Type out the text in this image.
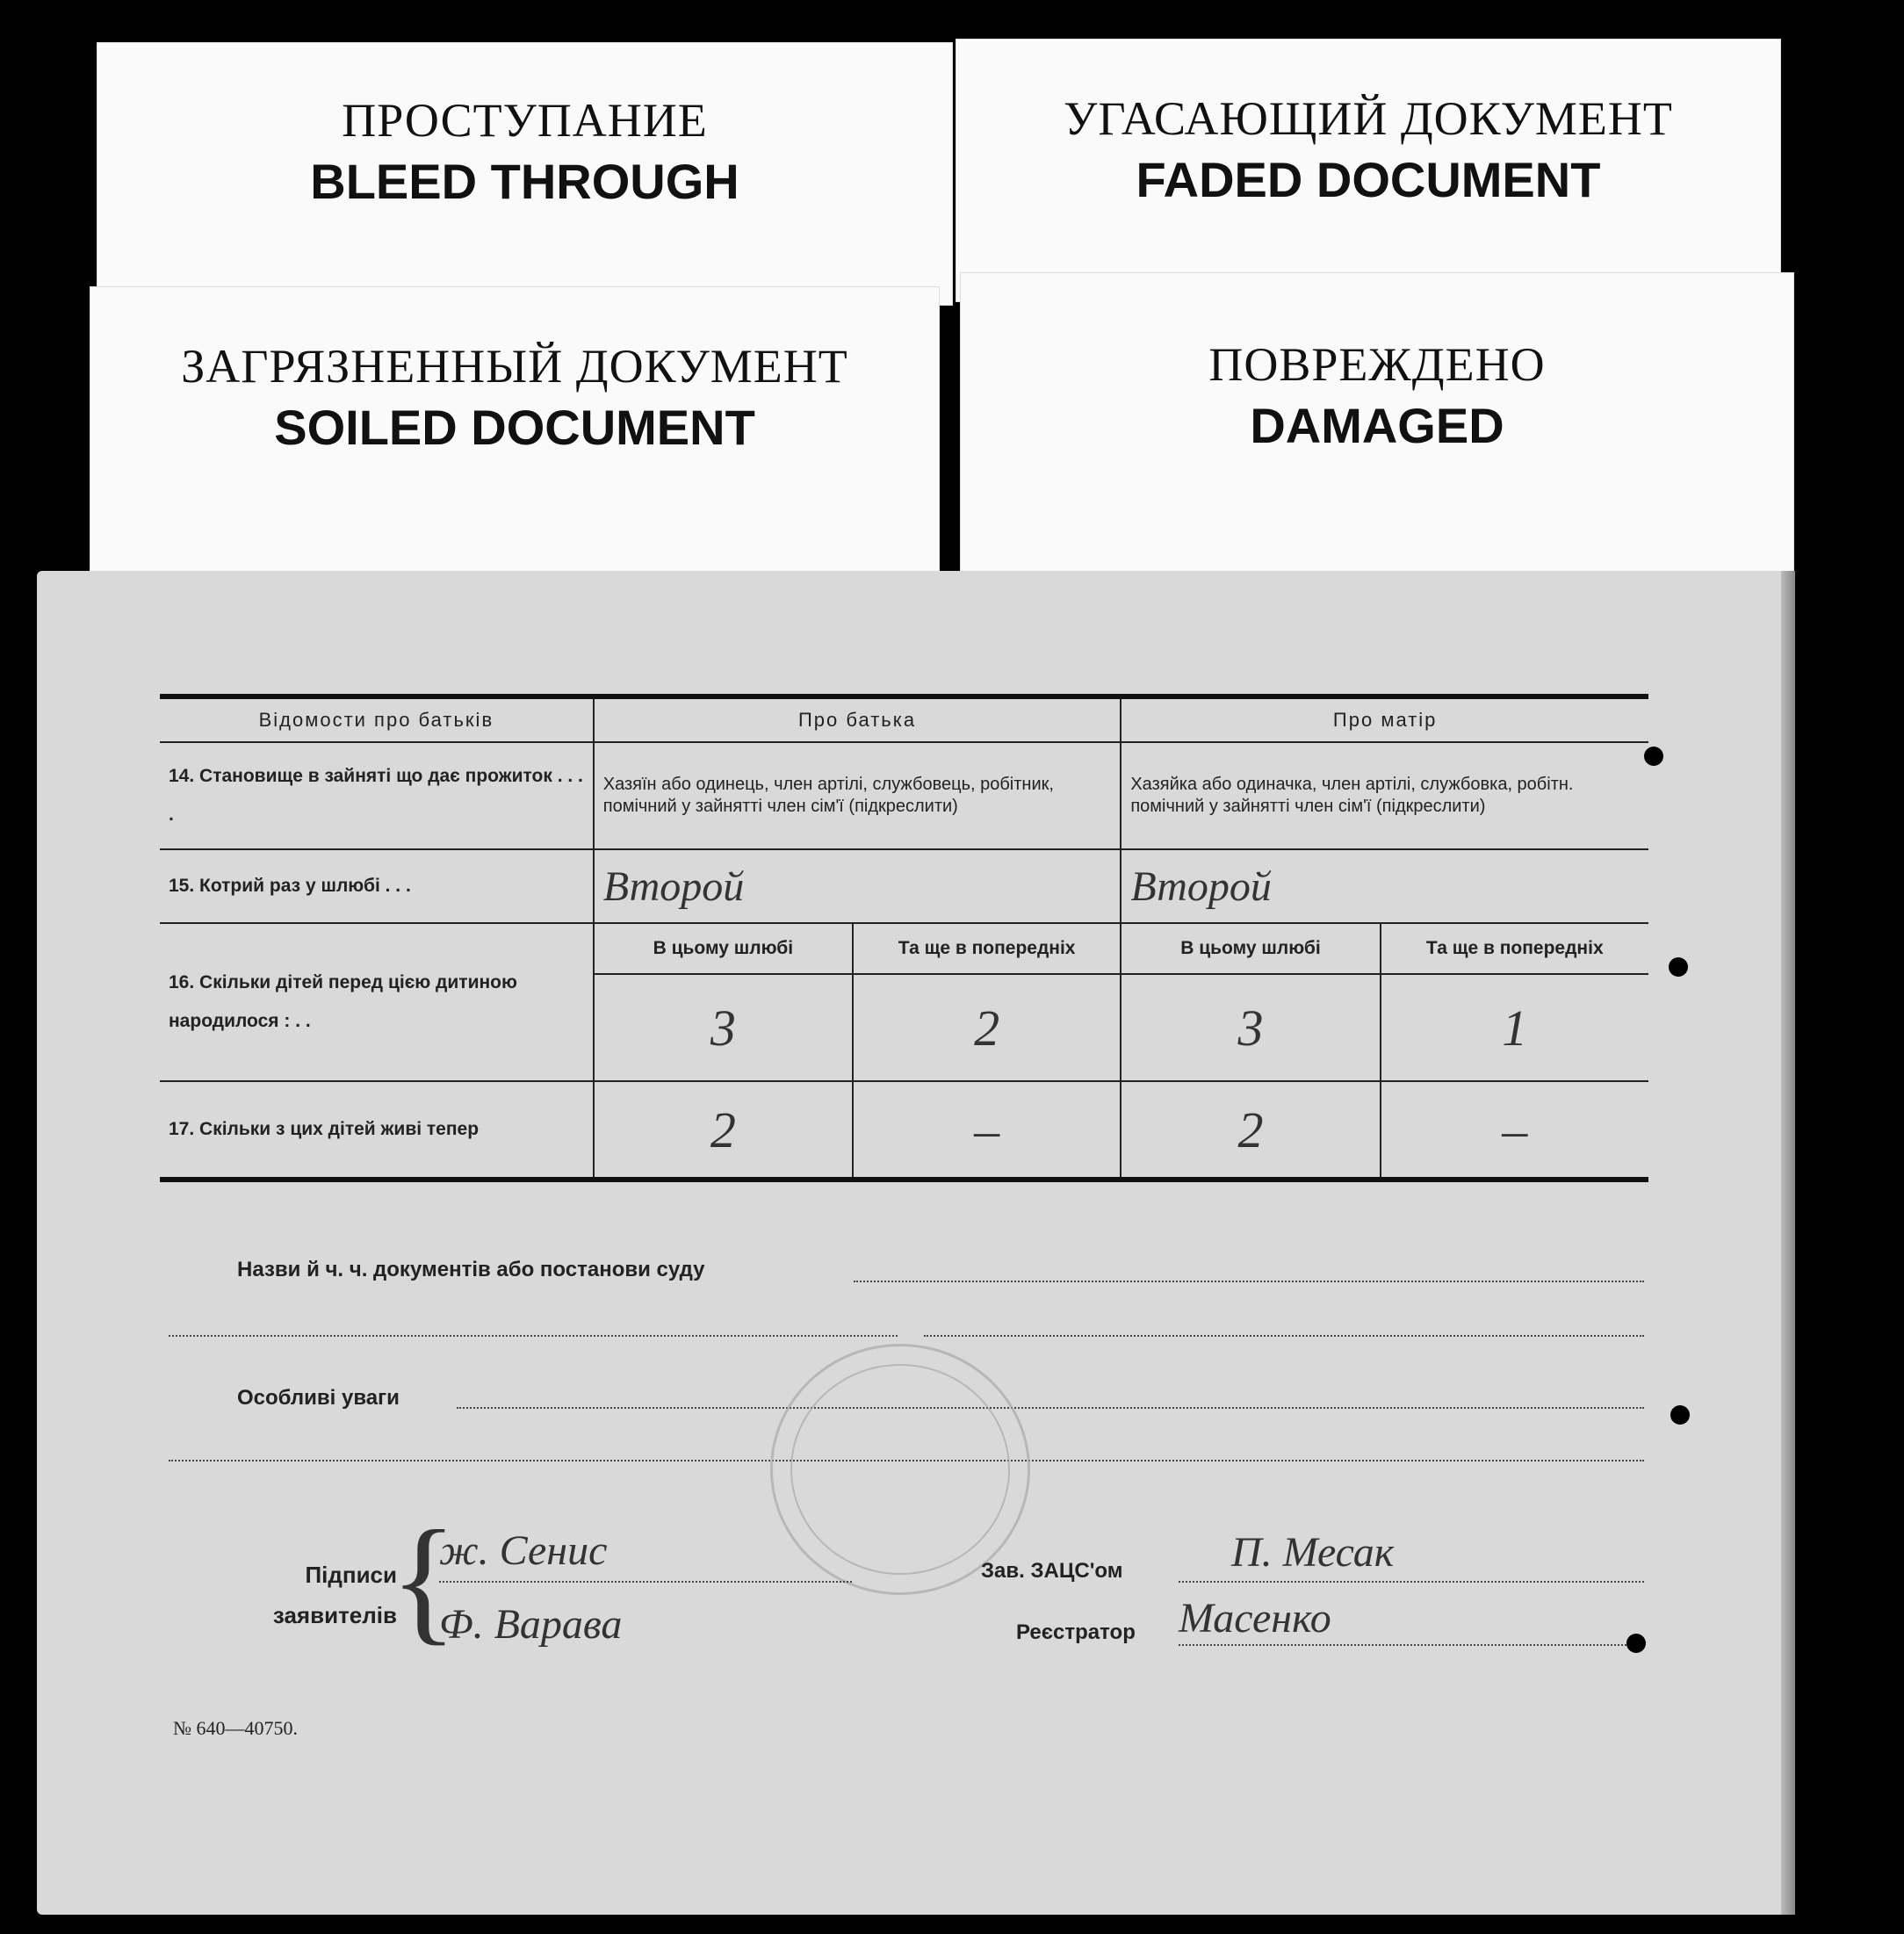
ПРОСТУПАНИЕ
BLEED THROUGH
УГАСАЮЩИЙ ДОКУМЕНТ
FADED DOCUMENT
ЗАГРЯЗНЕННЫЙ ДОКУМЕНТ
SOILED DOCUMENT
ПОВРЕЖДЕНО
DAMAGED
Відомости про батьків	Про батька		Про матір	
14. Становище в зайняті що дає прожиток . . . .	Хазяїн або одинець, член артілі, службовець, робітник, помічний у зайнятті член сім'ї (підкреслити)		Хазяйка або одиначка, член артілі, службовка, робітн. помічний у зайнятті член сім'ї (підкреслити)	
15. Котрий раз у шлюбі . . .	Второй		Второй	
16. Скільки дітей перед цією дитиною народилося : . .	В цьому шлюбі	Та ще в попередніх	В цьому шлюбі	Та ще в попередніх
	3	2	3	1
17. Скільки з цих дітей живі тепер	2	–	2	–
Назви й ч. ч. документів або постанови суду
Особливі уваги
Підписи
заявителів
{
ж. Сенис
Ф. Варава
Зав. ЗАЦС'ом	П. Месак
Реєстратор Масенко
№ 640—40750.
